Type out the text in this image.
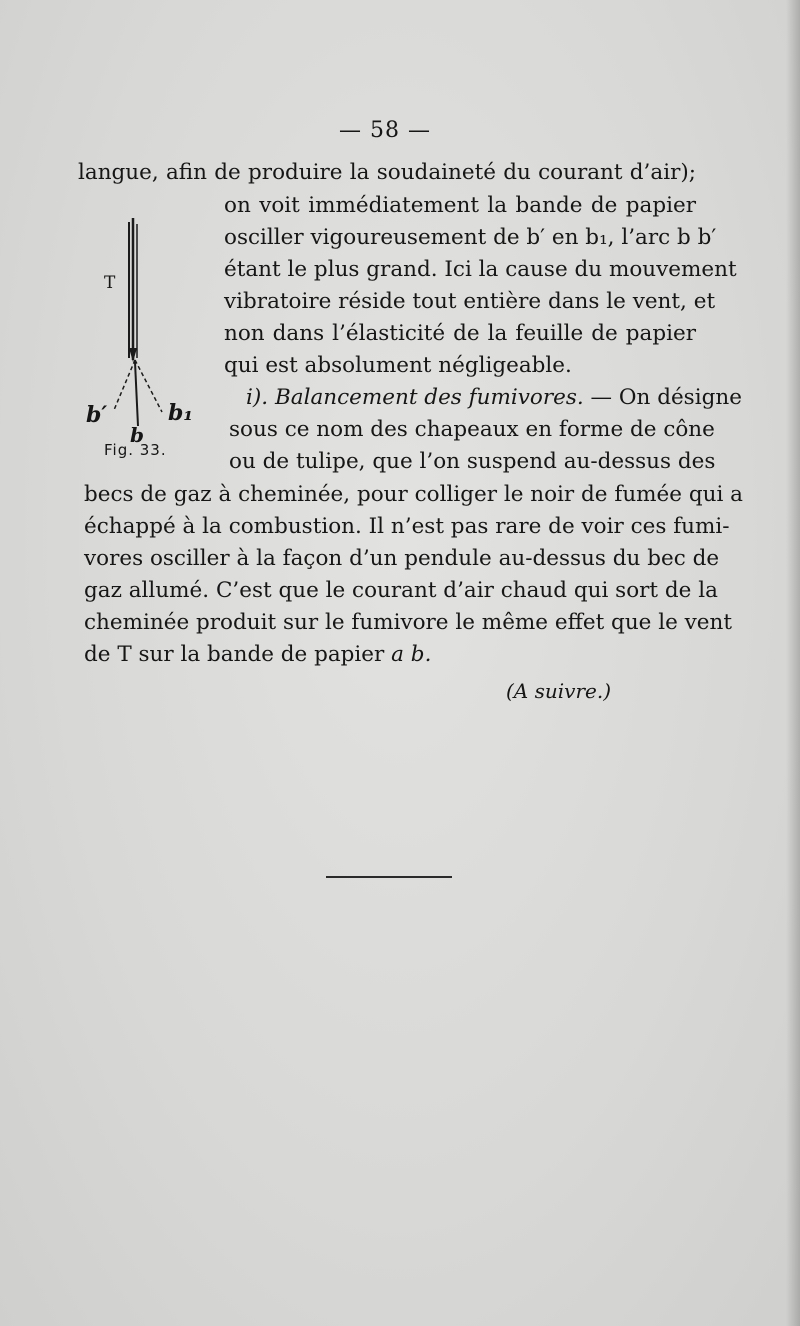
— 58 —
langue, afin de produire la soudaineté du courant d’air);
on voit immédiatement la bande de papier
osciller vigoureusement de b′ en b₁, l’arc b b′
étant le plus grand. Ici la cause du mouvement
vibratoire réside tout entière dans le vent, et
non dans l’élasticité de la feuille de papier
qui est absolument négligeable.
i). Balancement des fumivores. — On désigne
sous ce nom des chapeaux en forme de cône
ou de tulipe, que l’on suspend au-dessus des
becs de gaz à cheminée, pour colliger le noir de fumée qui a
échappé à la combustion. Il n’est pas rare de voir ces fumi-
vores osciller à la façon d’un pendule au-dessus du bec de
gaz allumé. C’est que le courant d’air chaud qui sort de la
cheminée produit sur le fumivore le même effet que le vent
de T sur la bande de papier a b.
(A suivre.)
T
b′
b
b₁
Fig. 33.
